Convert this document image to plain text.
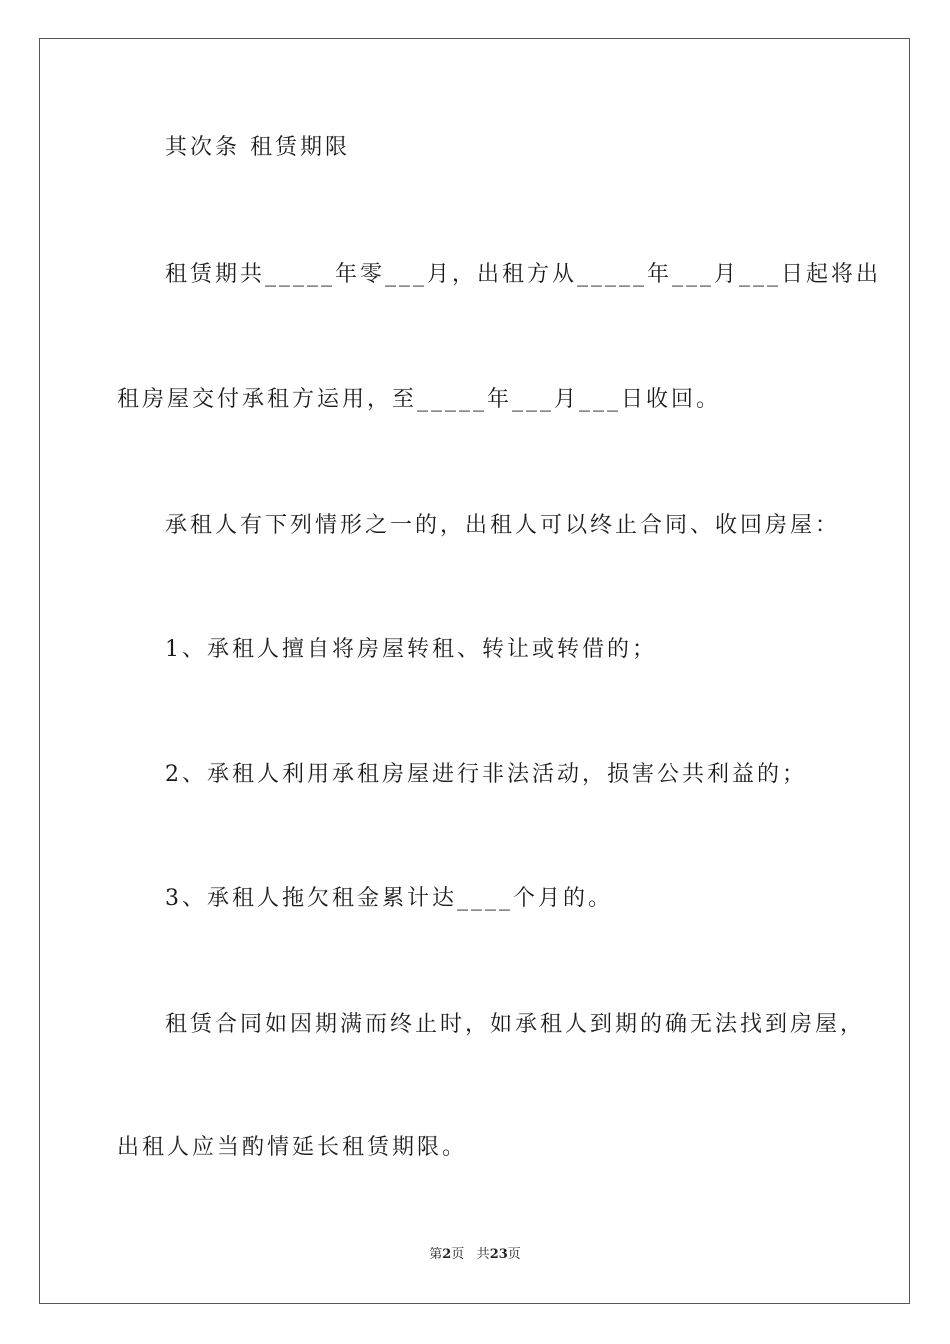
其次条 租赁期限
租赁期共_____年零___月，出租方从_____年___月___日起将出
租房屋交付承租方运用，至_____年___月___日收回。
承租人有下列情形之一的，出租人可以终止合同、收回房屋：
1、承租人擅自将房屋转租、转让或转借的；
2、承租人利用承租房屋进行非法活动，损害公共利益的；
3、承租人拖欠租金累计达____个月的。
租赁合同如因期满而终止时，如承租人到期的确无法找到房屋，
出租人应当酌情延长租赁期限。
第2页 共23页
